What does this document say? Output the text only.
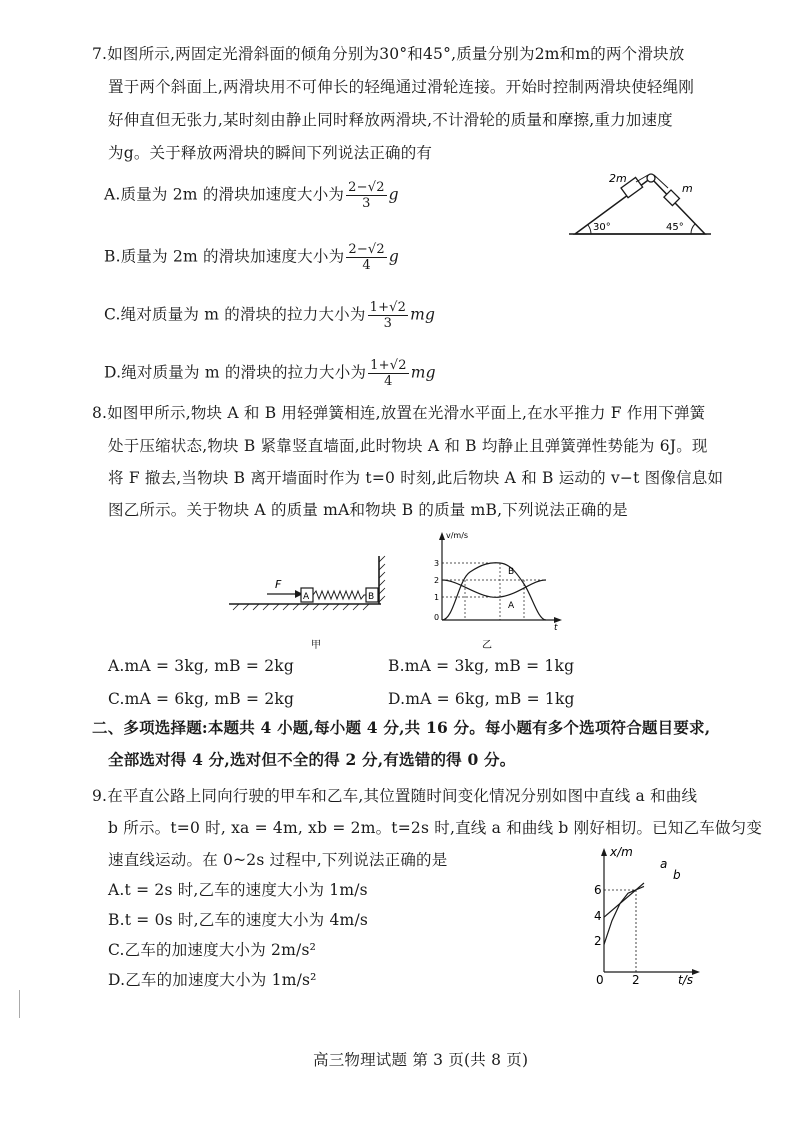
7.如图所示,两固定光滑斜面的倾角分别为30°和45°,质量分别为2m和m的两个滑块放
置于两个斜面上,两滑块用不可伸长的轻绳通过滑轮连接。开始时控制两滑块使轻绳刚
好伸直但无张力,某时刻由静止同时释放两滑块,不计滑轮的质量和摩擦,重力加速度
为g。关于释放两滑块的瞬间下列说法正确的有
A.质量为 2m 的滑块加速度大小为 $\frac{2-√2}{3}$ g
B.质量为 2m 的滑块加速度大小为 $\frac{2-√2}{4}$ g
C.绳对质量为 m 的滑块的拉力大小为 $\frac{1+√2}{3}$ mg
D.绳对质量为 m 的滑块的拉力大小为 $\frac{1+√2}{4}$ mg
2m
m
30°	45°
8.如图甲所示,物块 A 和 B 用轻弹簧相连,放置在光滑水平面上,在水平推力 F 作用下弹簧
处于压缩状态,物块 B 紧靠竖直墙面,此时物块 A 和 B 均静止且弹簧弹性势能为 6J。现
将 F 撤去,当物块 B 离开墙面时作为 t=0 时刻,此后物块 A 和 B 运动的 v−t 图像信息如
图乙所示。关于物块 A 的质量 mA和物块 B 的质量 mB,下列说法正确的是
F
A	B
甲
v/m/s
t
3
2
1
0
B
A
乙
A.mA = 3kg, mB = 2kg	B.mA = 3kg, mB = 1kg
C.mA = 6kg, mB = 2kg	D.mA = 6kg, mB = 1kg
二、多项选择题:本题共 4 小题,每小题 4 分,共 16 分。每小题有多个选项符合题目要求,
全部选对得 4 分,选对但不全的得 2 分,有选错的得 0 分。
9.在平直公路上同向行驶的甲车和乙车,其位置随时间变化情况分别如图中直线 a 和曲线
b 所示。t=0 时, xa = 4m, xb = 2m。t=2s 时,直线 a 和曲线 b 刚好相切。已知乙车做匀变
速直线运动。在 0~2s 过程中,下列说法正确的是
A.t = 2s 时,乙车的速度大小为 1m/s
B.t = 0s 时,乙车的速度大小为 4m/s
C.乙车的加速度大小为 2m/s²
D.乙车的加速度大小为 1m/s²
x/m
t/s
6
4
2
0 2
a
b
高三物理试题 第 3 页(共 8 页)
